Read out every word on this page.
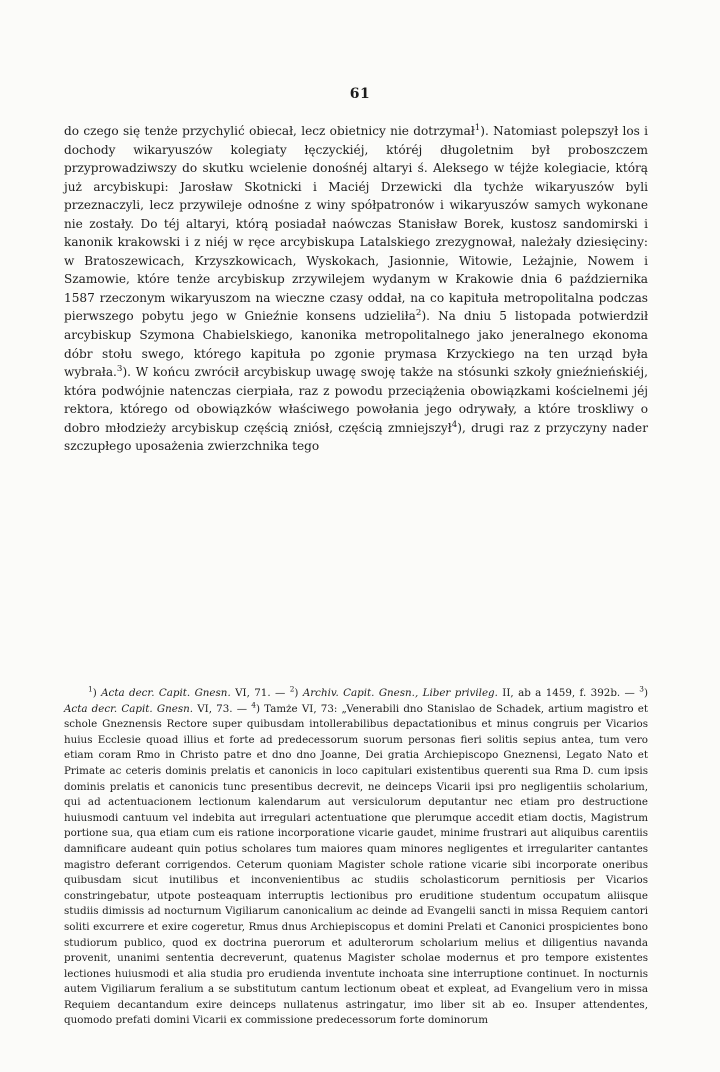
61

do czego się tenże przychylić obiecał, lecz obietnicy nie dotrzymał$^1$). Natomiast polepszył los i dochody wikaryuszów kolegiaty łęczyckiéj, któréj długoletnim był proboszczem przyprowadziwszy do skutku wcielenie donośnéj altaryi ś. Aleksego w téjże kolegiacie, którą już arcybiskupi: Jarosław Skotnicki i Maciéj Drzewicki dla tychże wikaryuszów byli przeznaczyli, lecz przywileje odnośne z winy spółpatronów i wikaryuszów samych wykonane nie zostały. Do téj altaryi, którą posiadał naówczas Stanisław Borek, kustosz sandomirski i kanonik krakowski i z niéj w ręce arcybiskupa Latalskiego zrezygnował, należały dziesięciny: w Bratoszewicach, Krzyszkowicach, Wyskokach, Jasionnie, Witowie, Leżajnie, Nowem i Szamowie, które tenże arcybiskup zrzywilejem wydanym w Krakowie dnia 6 października 1587 rzeczonym wikaryuszom na wieczne czasy oddał, na co kapituła metropolitalna podczas pierwszego pobytu jego w Gnieźnie konsens udzieliła$^2$). Na dniu 5 listopada potwierdził arcybiskup Szymona Chabielskiego, kanonika metropolitalnego jako jeneralnego ekonoma dóbr stołu swego, którego kapituła po zgonie prymasa Krzyckiego na ten urząd była wybrała.$^3$). W końcu zwrócił arcybiskup uwagę swoję także na stósunki szkoły gnieźnieńskiéj, która podwójnie natenczas cierpiała, raz z powodu przeciążenia obowiązkami kościelnemi jéj rektora, którego od obowiązków właściwego powołania jego odrywały, a które troskliwy o dobro młodzieży arcybiskup częścią zniósł, częścią zmniejszył$^4$), drugi raz z przyczyny nader szczupłego uposażenia zwierzchnika tego

$^1$) Acta decr. Capit. Gnesn. VI, 71. — $^2$) Archiv. Capit. Gnesn., Liber privileg. II, ab a 1459, f. 392b. — $^3$) Acta decr. Capit. Gnesn. VI, 73. — $^4$) Tamże VI, 73: „Venerabili dno Stanislao de Schadek, artium magistro et schole Gneznensis Rectore super quibusdam intollerabilibus depactationibus et minus congruis per Vicarios huius Ecclesie quoad illius et forte ad predecessorum suorum personas fieri solitis sepius antea, tum vero etiam coram Rmo in Christo patre et dno dno Joanne, Dei gratia Archiepiscopo Gneznensi, Legato Nato et Primate ac ceteris dominis prelatis et canonicis in loco capitulari existentibus querenti sua Rma D. cum ipsis dominis prelatis et canonicis tunc presentibus decrevit, ne deinceps Vicarii ipsi pro negligentiis scholarium, qui ad actentuacionem lectionum kalendarum aut versiculorum deputantur nec etiam pro destructione huiusmodi cantuum vel indebita aut irregulari actentuatione que plerumque accedit etiam doctis, Magistrum portione sua, qua etiam cum eis ratione incorporatione vicarie gaudet, minime frustrari aut aliquibus carentiis damnificare audeant quin potius scholares tum maiores quam minores negligentes et irregulariter cantantes magistro deferant corrigendos. Ceterum quoniam Magister schole ratione vicarie sibi incorporate oneribus quibusdam sicut inutilibus et inconvenientibus ac studiis scholasticorum pernitiosis per Vicarios constringebatur, utpote posteaquam interruptis lectionibus pro eruditione studentum occupatum aliisque studiis dimissis ad nocturnum Vigiliarum canonicalium ac deinde ad Evangelii sancti in missa Requiem cantori soliti excurrere et exire cogeretur, Rmus dnus Archiepiscopus et domini Prelati et Canonici prospicientes bono studiorum publico, quod ex doctrina puerorum et adulterorum scholarium melius et diligentius navanda provenit, unanimi sententia decreverunt, quatenus Magister scholae modernus et pro tempore existentes lectiones huiusmodi et alia studia pro erudienda inventute inchoata sine interruptione continuet. In nocturnis autem Vigiliarum feralium a se substitutum cantum lectionum obeat et expleat, ad Evangelium vero in missa Requiem decantandum exire deinceps nullatenus astringatur, imo liber sit ab eo. Insuper attendentes, quomodo prefati domini Vicarii ex commissione predecessorum forte dominorum
